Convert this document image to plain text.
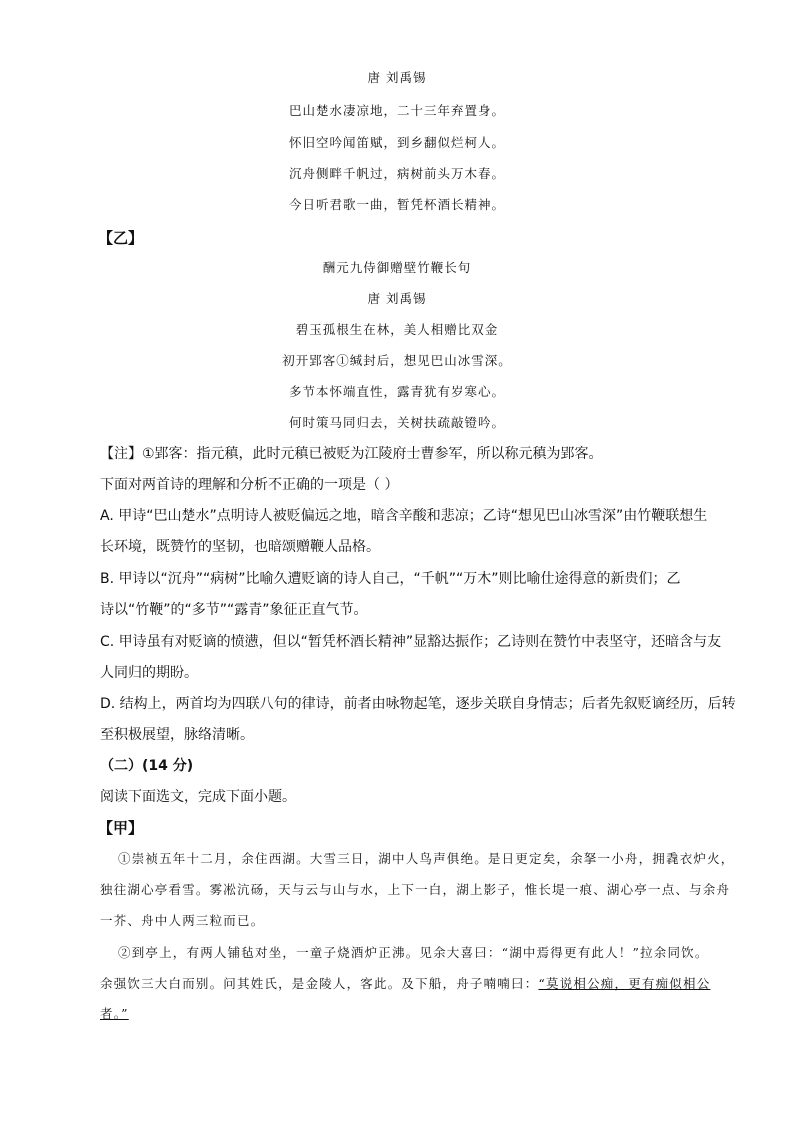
唐 刘禹锡
巴山楚水凄凉地，二十三年弃置身。
怀旧空吟闻笛赋，到乡翻似烂柯人。
沉舟侧畔千帆过，病树前头万木春。
今日听君歌一曲，暂凭杯酒长精神。
【乙】
酬元九侍御赠壁竹鞭长句
唐 刘禹锡
碧玉孤根生在林，美人相赠比双金
初开郢客①缄封后，想见巴山冰雪深。
多节本怀端直性，露青犹有岁寒心。
何时策马同归去，关树扶疏敲镫吟。
【注】①郢客：指元稹，此时元稹已被贬为江陵府士曹参军，所以称元稹为郢客。
下面对两首诗的理解和分析不正确的一项是（ ）
A. 甲诗“巴山楚水”点明诗人被贬偏远之地，暗含辛酸和悲凉；乙诗“想见巴山冰雪深”由竹鞭联想生
长环境，既赞竹的坚韧，也暗颂赠鞭人品格。
B. 甲诗以“沉舟”“病树”比喻久遭贬谪的诗人自己，“千帆”“万木”则比喻仕途得意的新贵们；乙
诗以“竹鞭”的“多节”“露青”象征正直气节。
C. 甲诗虽有对贬谪的愤懑，但以“暂凭杯酒长精神”显豁达振作；乙诗则在赞竹中表坚守，还暗含与友
人同归的期盼。
D. 结构上，两首均为四联八句的律诗，前者由咏物起笔，逐步关联自身情志；后者先叙贬谪经历，后转
至积极展望，脉络清晰。
（二）(14 分)
阅读下面选文，完成下面小题。
【甲】
①崇祯五年十二月，余住西湖。大雪三日，湖中人鸟声俱绝。是日更定矣，余拏一小舟，拥毳衣炉火，
独往湖心亭看雪。雾凇沆砀，天与云与山与水，上下一白，湖上影子，惟长堤一痕、湖心亭一点、与余舟
一芥、舟中人两三粒而已。
②到亭上，有两人铺毡对坐，一童子烧酒炉正沸。见余大喜曰：“湖中焉得更有此人！”拉余同饮。
余强饮三大白而别。问其姓氏，是金陵人，客此。及下船，舟子喃喃曰：“莫说相公痴，更有痴似相公
者。”
